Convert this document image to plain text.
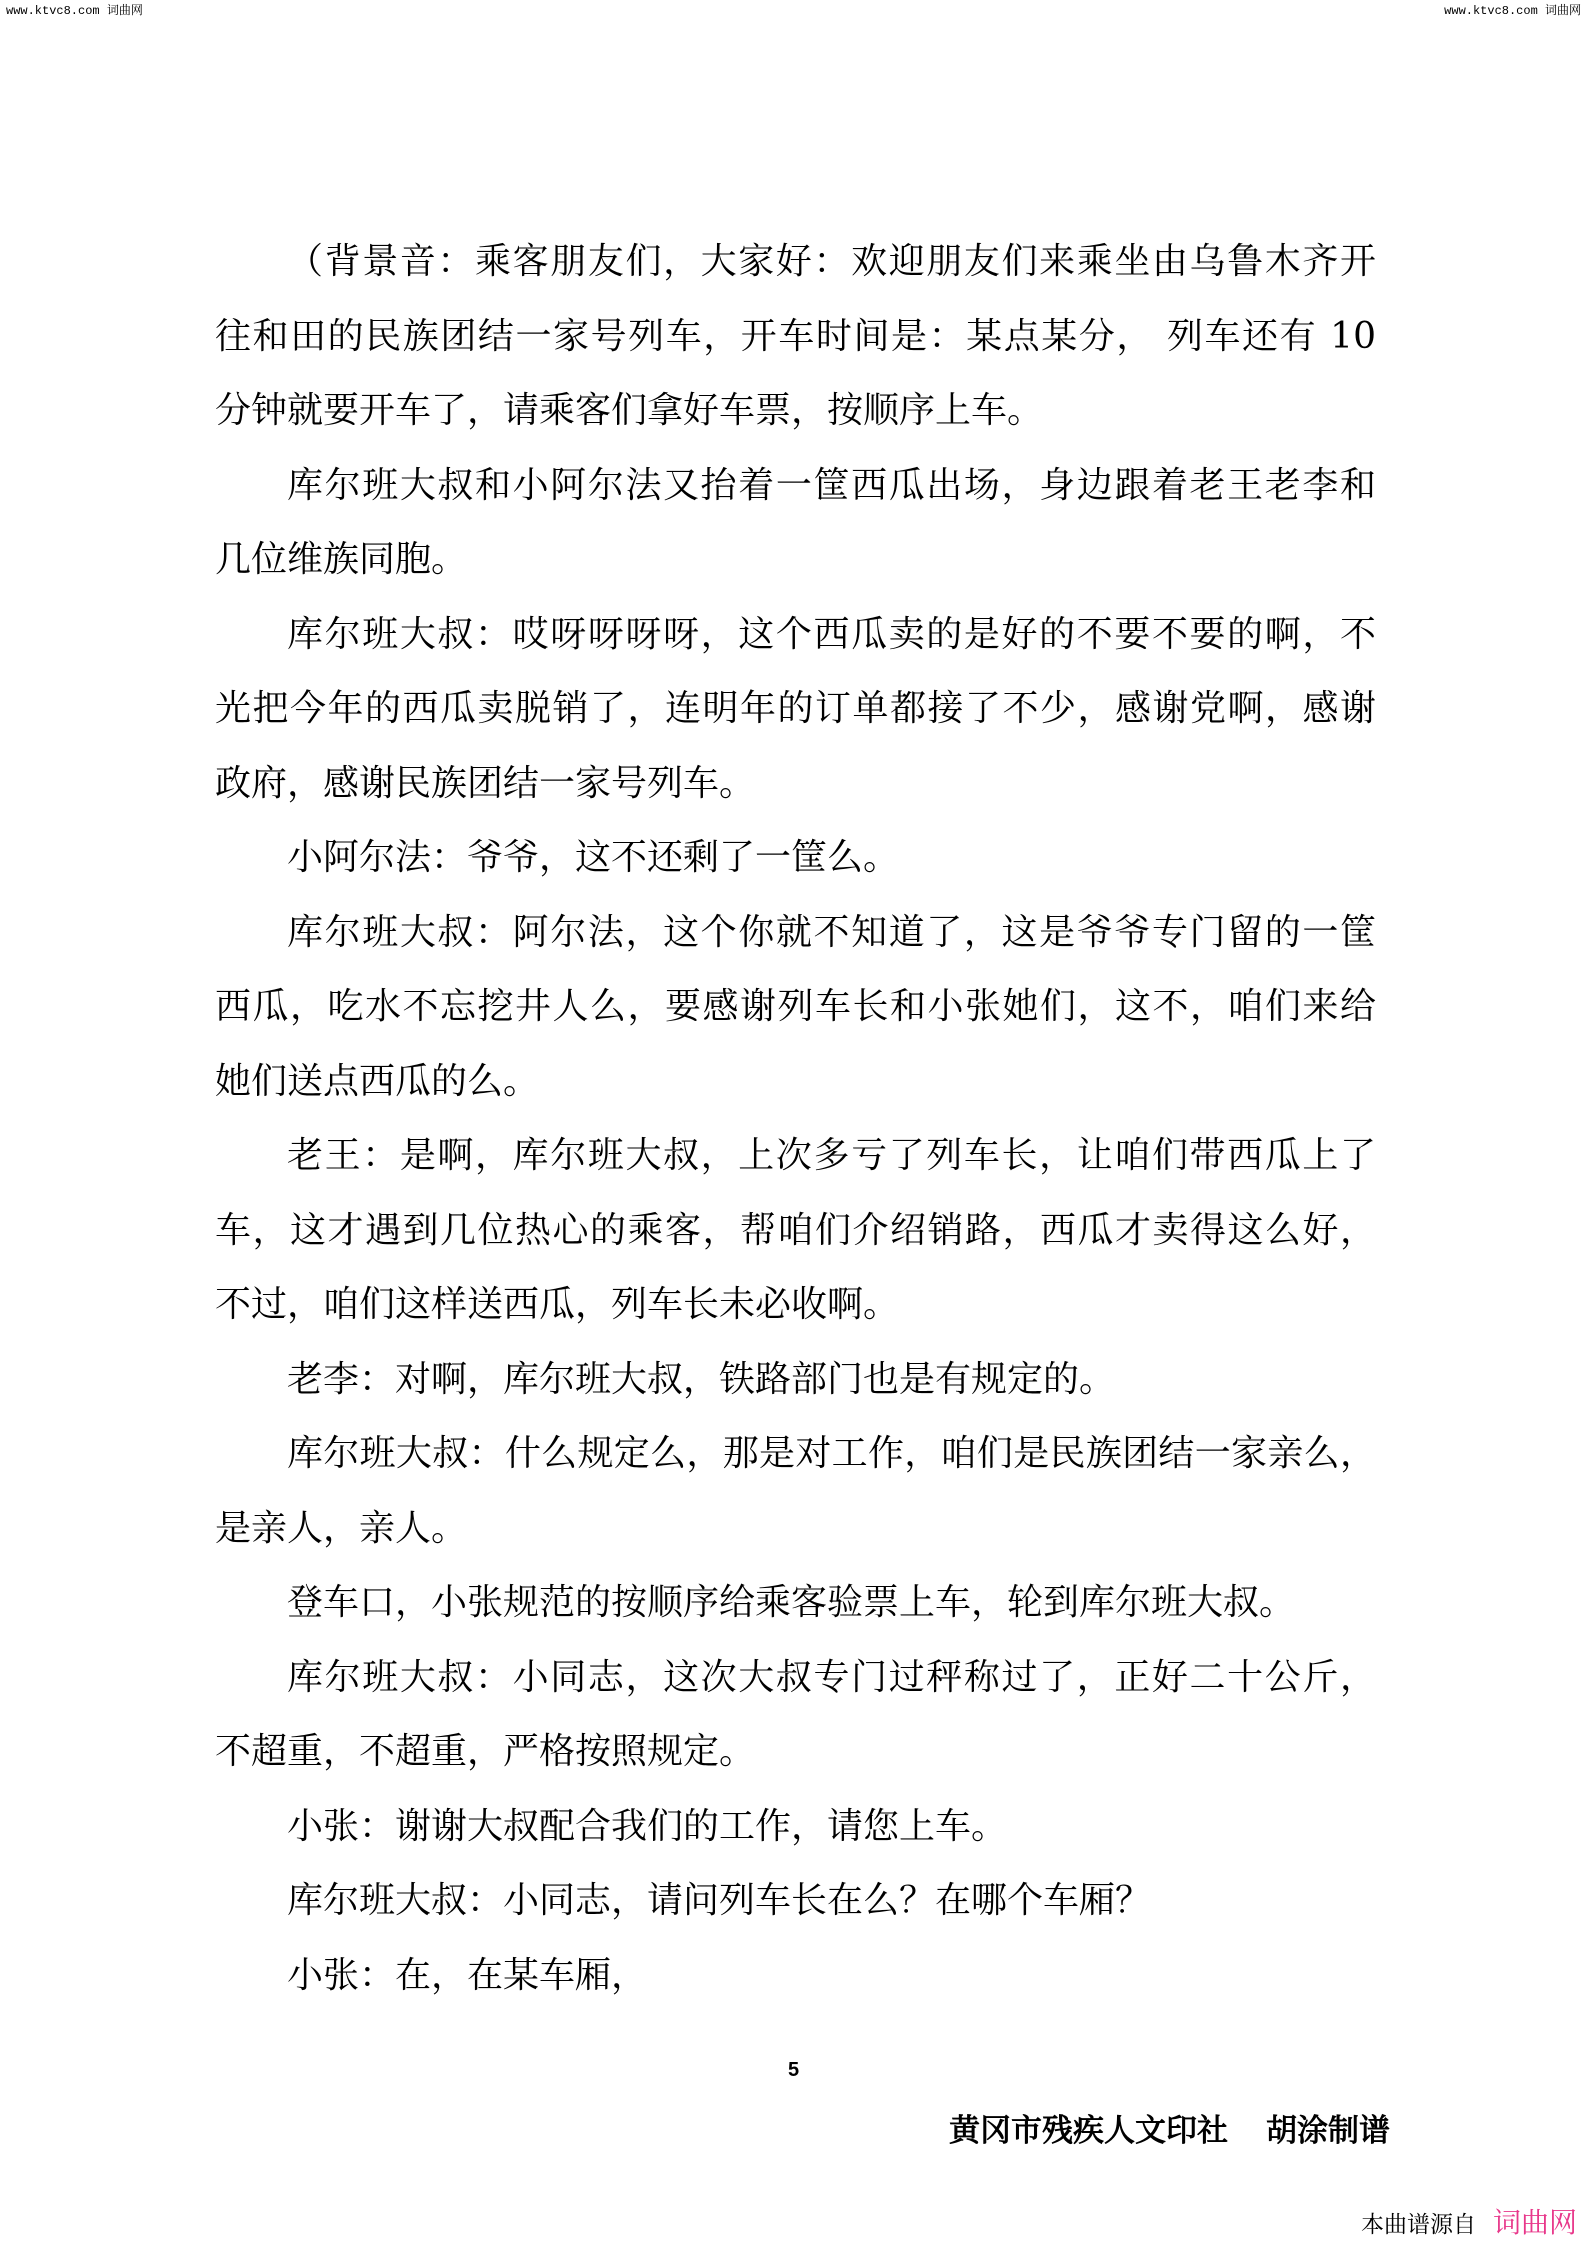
www.ktvc8.com 词曲网	www.ktvc8.com 词曲网
（背景音：乘客朋友们，大家好：欢迎朋友们来乘坐由乌鲁木齐开
往和田的民族团结一家号列车，开车时间是：某点某分， 列车还有 10
分钟就要开车了，请乘客们拿好车票，按顺序上车。
库尔班大叔和小阿尔法又抬着一筐西瓜出场，身边跟着老王老李和
几位维族同胞。
库尔班大叔：哎呀呀呀呀，这个西瓜卖的是好的不要不要的啊，不
光把今年的西瓜卖脱销了，连明年的订单都接了不少，感谢党啊，感谢
政府，感谢民族团结一家号列车。
小阿尔法：爷爷，这不还剩了一筐么。
库尔班大叔：阿尔法，这个你就不知道了，这是爷爷专门留的一筐
西瓜，吃水不忘挖井人么，要感谢列车长和小张她们，这不，咱们来给
她们送点西瓜的么。
老王：是啊，库尔班大叔，上次多亏了列车长，让咱们带西瓜上了
车，这才遇到几位热心的乘客，帮咱们介绍销路，西瓜才卖得这么好，
不过，咱们这样送西瓜，列车长未必收啊。
老李：对啊，库尔班大叔，铁路部门也是有规定的。
库尔班大叔：什么规定么，那是对工作，咱们是民族团结一家亲么，
是亲人，亲人。
登车口，小张规范的按顺序给乘客验票上车，轮到库尔班大叔。
库尔班大叔：小同志，这次大叔专门过秤称过了，正好二十公斤，
不超重，不超重，严格按照规定。
小张：谢谢大叔配合我们的工作，请您上车。
库尔班大叔：小同志，请问列车长在么？在哪个车厢？
小张：在，在某车厢，
5
黄冈市残疾人文印社 胡涂制谱
本曲谱源自 词曲网
